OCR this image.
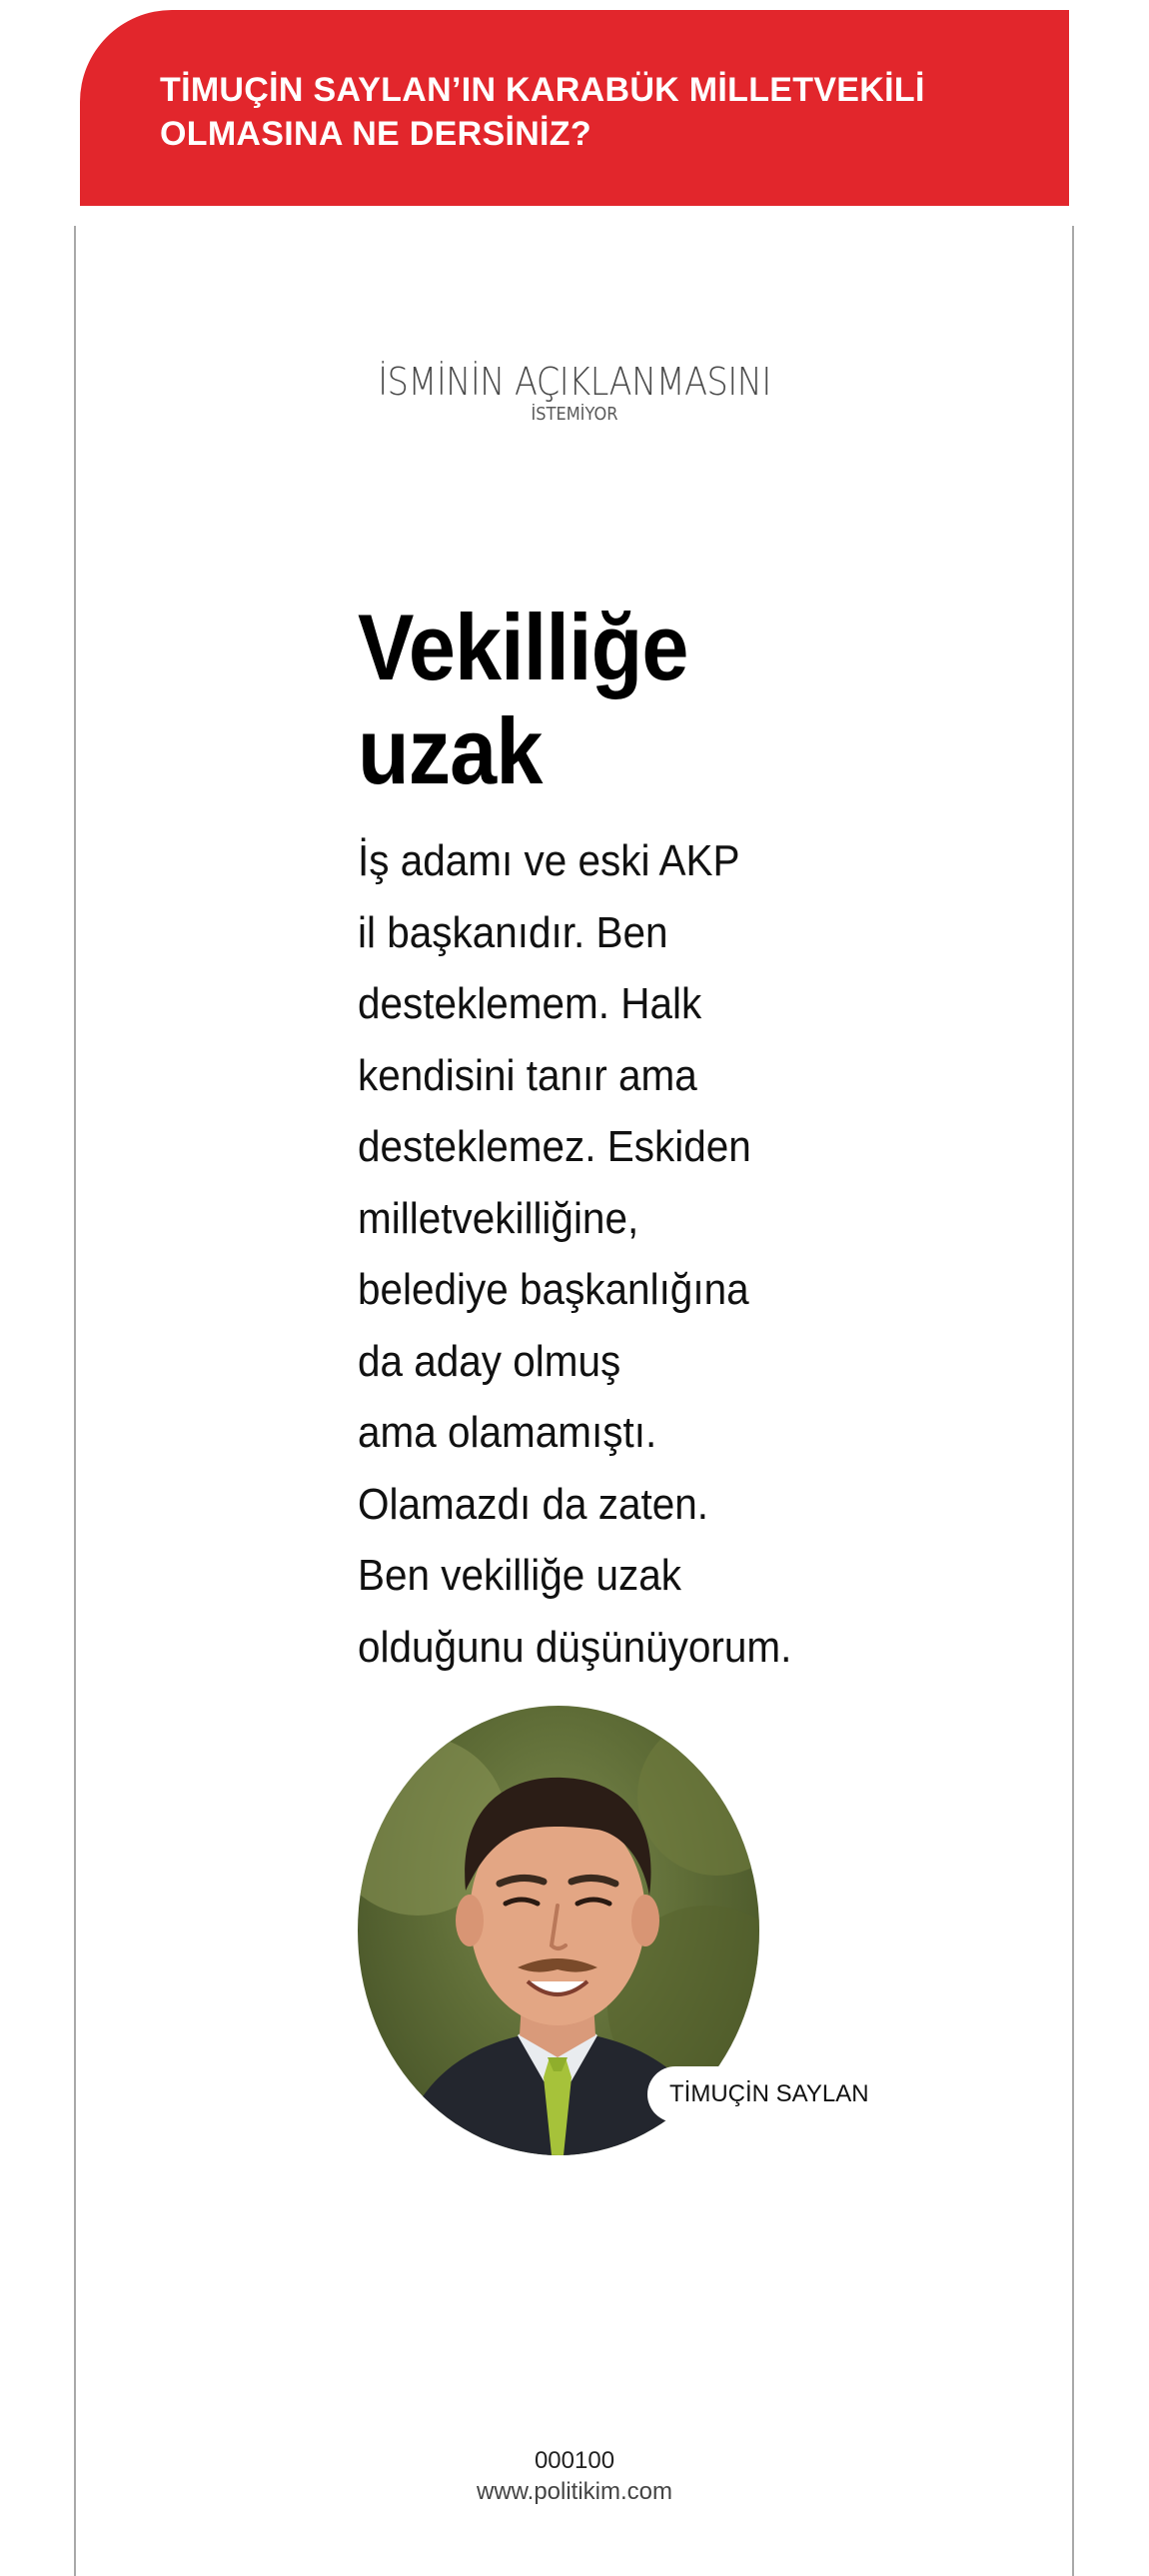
TİMUÇİN SAYLAN’IN KARABÜK MİLLETVEKİLİ
OLMASINA NE DERSİNİZ?

İSMİNİN AÇIKLANMASINI
İSTEMİYOR
Vekilliğe
uzak

İş adamı ve eski AKP
il başkanıdır. Ben
desteklemem. Halk
kendisini tanır ama
desteklemez. Eskiden
milletvekilliğine,
belediye başkanlığına
da aday olmuş
ama olamamıştı.
Olamazdı da zaten.
Ben vekilliğe uzak
olduğunu düşünüyorum.

TİMUÇİN SAYLAN
000100
www.politikim.com
